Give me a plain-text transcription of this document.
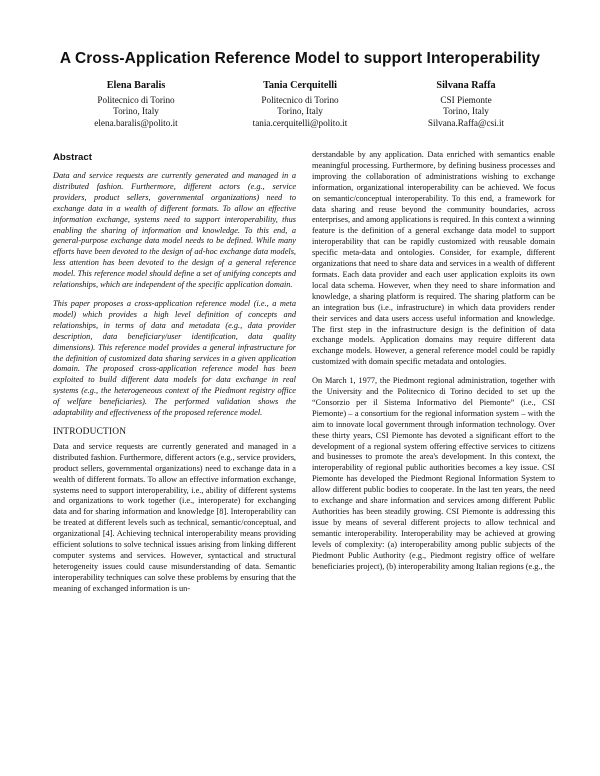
A Cross-Application Reference Model to support Interoperability
Elena Baralis
Politecnico di Torino
Torino, Italy
elena.baralis@polito.it
Tania Cerquitelli
Politecnico di Torino
Torino, Italy
tania.cerquitelli@polito.it
Silvana Raffa
CSI Piemonte
Torino, Italy
Silvana.Raffa@csi.it
Abstract

Data and service requests are currently generated and managed in a distributed fashion. Furthermore, different actors (e.g., service providers, product sellers, governmental organizations) need to exchange data in a wealth of different formats. To allow an effective information exchange, systems need to support interoperability, thus enabling the sharing of information and knowledge. To this end, a general-purpose exchange data model needs to be defined. While many efforts have been devoted to the design of ad-hoc exchange data models, less attention has been devoted to the design of a general reference model. This reference model should define a set of unifying concepts and relationships, which are independent of the specific application domain.

This paper proposes a cross-application reference model (i.e., a meta model) which provides a high level definition of concepts and relationships, in terms of data and metadata (e.g., data provider description, data beneficiary/user identification, data quality dimensions). This reference model provides a general infrastructure for the definition of customized data sharing services in a given application domain. The proposed cross-application reference model has been exploited to build different data models for data exchange in real systems (e.g., the heterogeneous context of the Piedmont registry office of welfare beneficiaries). The performed validation shows the adaptability and effectiveness of the proposed reference model.

INTRODUCTION

Data and service requests are currently generated and managed in a distributed fashion. Furthermore, different actors (e.g., service providers, product sellers, governmental organizations) need to exchange data in a wealth of different formats. To allow an effective information exchange, systems need to support interoperability, i.e., ability of different systems and organizations to work together (i.e., interoperate) for exchanging data and for sharing information and knowledge [8]. Interoperability can be treated at different levels such as technical, semantic/conceptual, and organizational [4]. Achieving technical interoperability means providing efficient solutions to solve technical issues arising from linking different computer systems and services. However, syntactical and structural heterogeneity issues could cause misunderstanding of data. Semantic interoperability techniques can solve these problems by ensuring that the meaning of exchanged information is un-

derstandable by any application. Data enriched with semantics enable meaningful processing. Furthermore, by defining business processes and improving the collaboration of administrations wishing to exchange information, organizational interoperability can be achieved. We focus on semantic/conceptual interoperability. To this end, a framework for data sharing and reuse beyond the community boundaries, across enterprises, and among applications is required. In this context a winning feature is the definition of a general exchange data model to support interoperability that can be rapidly customized with reusable domain specific meta-data and ontologies. Consider, for example, different organizations that need to share data and services in a wealth of different formats. Each data provider and each user application exploits its own local data schema. However, when they need to share information and knowledge, a sharing platform is required. The sharing platform can be an integration bus (i.e., infrastructure) in which data providers render their services and data users access useful information and knowledge. The first step in the infrastructure design is the definition of data exchange models. Application domains may require different data exchange models. However, a general reference model could be rapidly customized with domain specific metadata and ontologies.

On March 1, 1977, the Piedmont regional administration, together with the University and the Politecnico di Torino decided to set up the “Consorzio per il Sistema Informativo del Piemonte” (i.e., CSI Piemonte) – a consortium for the regional information system – with the aim to innovate local government through information technology. Over these thirty years, CSI Piemonte has devoted a significant effort to the development of a regional system offering effective services to citizens and businesses to promote the area's development. In this context, the interoperability of regional public authorities becomes a key issue. CSI Piemonte has developed the Piedmont Regional Information System to allow different public bodies to cooperate. In the last ten years, the need to exchange and share information and services among different Public Authorities has been steadily growing. CSI Piemonte is addressing this issue by means of several different projects to allow technical and semantic interoperability. Interoperability may be achieved at growing levels of complexity: (a) interoperability among public subjects of the Piedmont Public Authority (e.g., Piedmont registry office of welfare beneficiaries project), (b) interoperability among Italian regions (e.g., the
